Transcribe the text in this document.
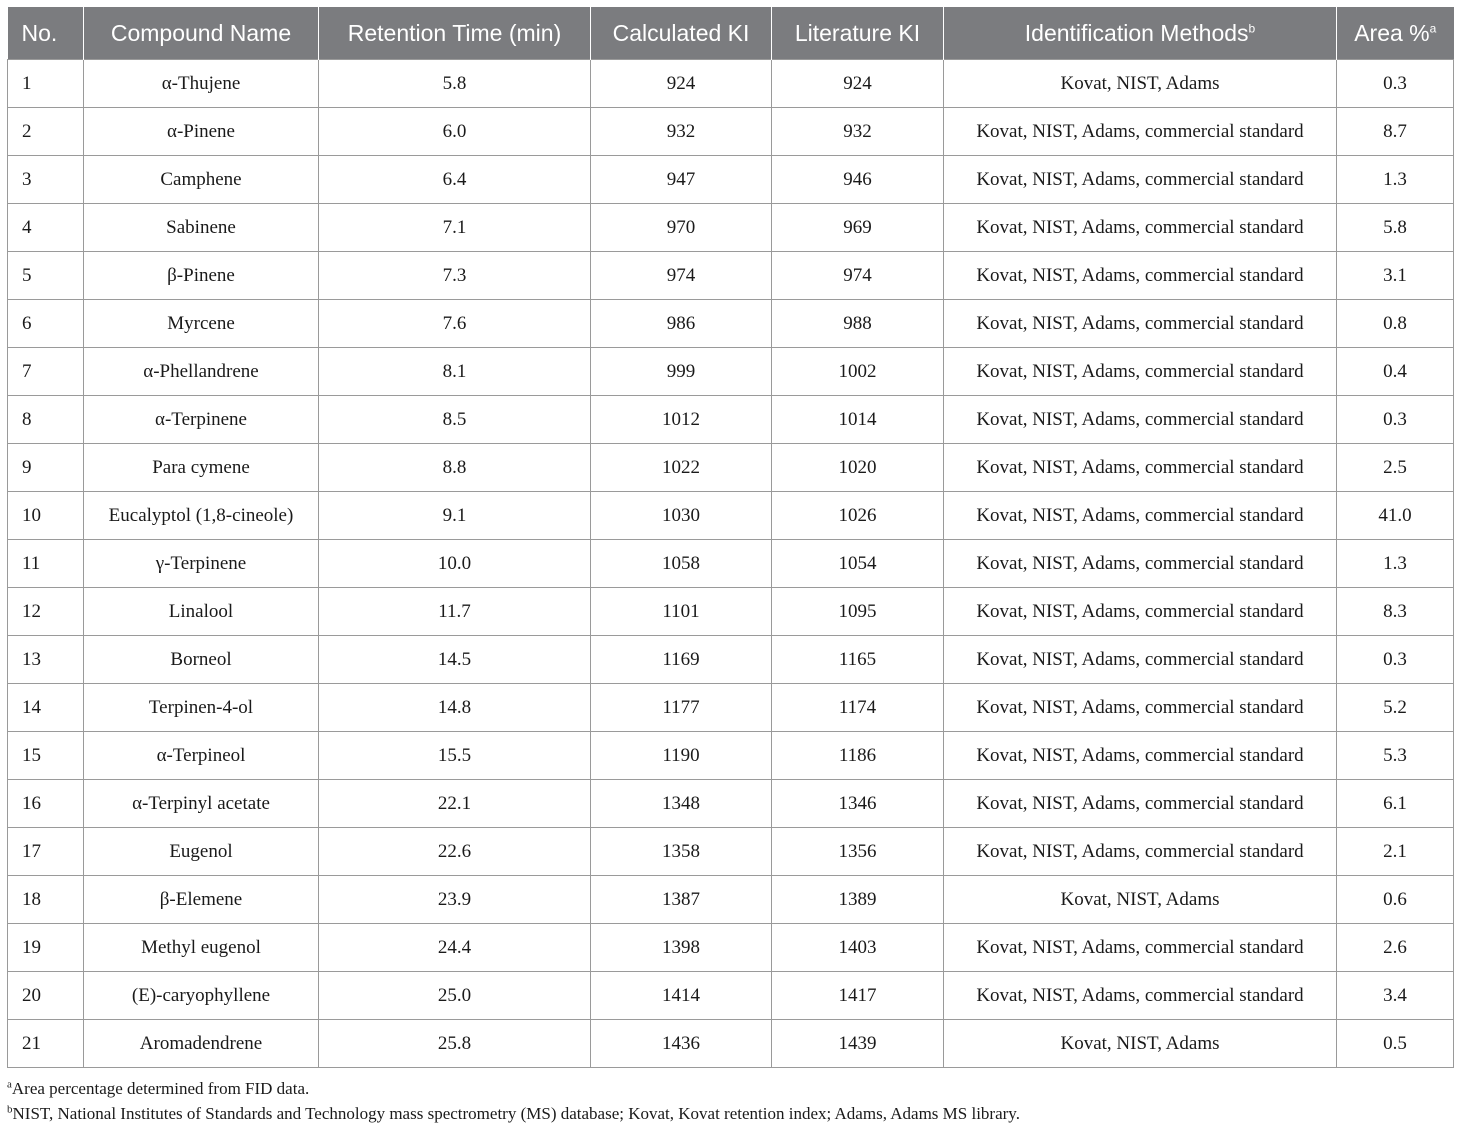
No.	Compound Name	Retention Time (min)	Calculated KI	Literature KI	Identification Methods$^b$	Area %$^a$
1	α-Thujene	5.8	924	924	Kovat, NIST, Adams	0.3
2	α-Pinene	6.0	932	932	Kovat, NIST, Adams, commercial standard	8.7
3	Camphene	6.4	947	946	Kovat, NIST, Adams, commercial standard	1.3
4	Sabinene	7.1	970	969	Kovat, NIST, Adams, commercial standard	5.8
5	β-Pinene	7.3	974	974	Kovat, NIST, Adams, commercial standard	3.1
6	Myrcene	7.6	986	988	Kovat, NIST, Adams, commercial standard	0.8
7	α-Phellandrene	8.1	999	1002	Kovat, NIST, Adams, commercial standard	0.4
8	α-Terpinene	8.5	1012	1014	Kovat, NIST, Adams, commercial standard	0.3
9	Para cymene	8.8	1022	1020	Kovat, NIST, Adams, commercial standard	2.5
10	Eucalyptol (1,8-cineole)	9.1	1030	1026	Kovat, NIST, Adams, commercial standard	41.0
11	γ-Terpinene	10.0	1058	1054	Kovat, NIST, Adams, commercial standard	1.3
12	Linalool	11.7	1101	1095	Kovat, NIST, Adams, commercial standard	8.3
13	Borneol	14.5	1169	1165	Kovat, NIST, Adams, commercial standard	0.3
14	Terpinen-4-ol	14.8	1177	1174	Kovat, NIST, Adams, commercial standard	5.2
15	α-Terpineol	15.5	1190	1186	Kovat, NIST, Adams, commercial standard	5.3
16	α-Terpinyl acetate	22.1	1348	1346	Kovat, NIST, Adams, commercial standard	6.1
17	Eugenol	22.6	1358	1356	Kovat, NIST, Adams, commercial standard	2.1
18	β-Elemene	23.9	1387	1389	Kovat, NIST, Adams	0.6
19	Methyl eugenol	24.4	1398	1403	Kovat, NIST, Adams, commercial standard	2.6
20	(E)-caryophyllene	25.0	1414	1417	Kovat, NIST, Adams, commercial standard	3.4
21	Aromadendrene	25.8	1436	1439	Kovat, NIST, Adams	0.5
$^a$Area percentage determined from FID data.
$^b$NIST, National Institutes of Standards and Technology mass spectrometry (MS) database; Kovat, Kovat retention index; Adams, Adams MS library.
